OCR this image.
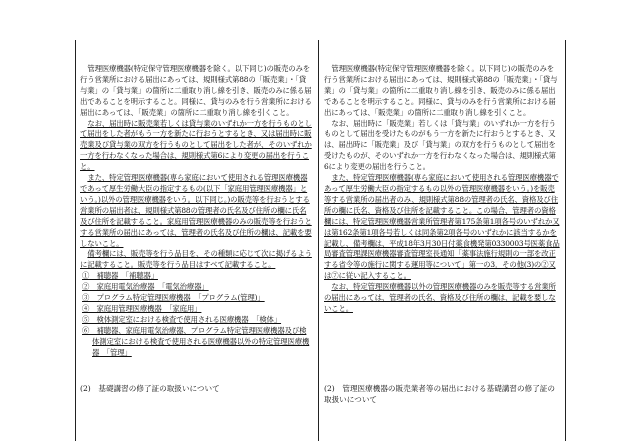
管理医療機器(特定保守管理医療機器を除く。以下同じ)の販売のみを行う営業所における届出にあっては、規則様式第88の「販売業」・「貸与業」の「貸与業」の箇所に二重取り消し線を引き、販売のみに係る届出であることを明示すること。同様に、貸与のみを行う営業所における届出にあっては、「販売業」の箇所に二重取り消し線を引くこと。

なお、届出時に販売業若しくは貸与業のいずれか一方を行うものとして届出をした者がもう一方を新たに行おうとするとき、又は届出時に販売業及び貸与業の双方を行うものとして届出をした者が、そのいずれか一方を行わなくなった場合は、規則様式第6により変更の届出を行うこと。

また、特定管理医療機器(専ら家庭において使用される管理医療機器であって厚生労働大臣の指定するもの(以下「家庭用管理医療機器」という。)以外の管理医療機器をいう。以下同じ。)の販売等を行おうとする営業所の届出者は、規則様式第88の管理者の氏名及び住所の欄に氏名及び住所を記載すること。家庭用管理医療機器のみの販売等を行おうとする営業所の届出にあっては、管理者の氏名及び住所の欄は、記載を要しないこと。

備考欄には、販売等を行う品目を、その種類に応じて次に掲げるように記載すること。販売等を行う品目はすべて記載すること。

①　補聴器　「補聴器」
②　家庭用電気治療器　「電気治療器」
③　プログラム特定管理医療機器　「プログラム(管理)」
④　家庭用管理医療機器　「家庭用」
⑤　検体測定室における検査で使用される医療機器　「検体」
⑥　補聴器、家庭用電気治療器、プログラム特定管理医療機器及び検体測定室における検査で使用される医療機器以外の特定管理医療機器　「管理」
(2)　基礎講習の修了証の取扱いについて

管理医療機器(特定保守管理医療機器を除く。以下同じ)の販売のみを行う営業所における届出にあっては、規則様式第88の「販売業」・「貸与業」の「貸与業」の箇所に二重取り消し線を引き、販売のみに係る届出であることを明示すること。同様に、貸与のみを行う営業所における届出にあっては、「販売業」の箇所に二重取り消し線を引くこと。

なお、届出時に「販売業」若しくは「貸与業」のいずれか一方を行うものとして届出を受けたものがもう一方を新たに行おうとするとき、又は、届出時に「販売業」及び「貸与業」の双方を行うものとして届出を受けたものが、そのいずれか一方を行わなくなった場合は、規則様式第6により変更の届出を行うこと。

また、特定管理医療機器(専ら家庭において使用される管理医療機器であって厚生労働大臣の指定するもの以外の管理医療機器をいう。)を販売等する営業所の届出者のみ、規則様式第88の管理者の氏名、資格及び住所の欄に氏名、資格及び住所を記載すること。この場合、管理者の資格欄には、特定管理医療機器営業所管理者第175条第1項各号のいずれか又は第162条第1項各号若しくは同条第2項各号のいずれかに該当するかを記載し、備考欄は、平成18年3月30日付薬食機発第0330003号医薬食品局審査管理課医療機器審査管理室長通知「薬事法施行規則の一部を改正する省令等の施行に関する運用等について」第一の3．その他(3)の②又は⑦に従い記入すること。

なお、特定管理医療機器以外の管理医療機器のみを販売等する営業所の届出にあっては、管理者の氏名、資格及び住所の欄は、記載を要しないこと。

(2)　管理医療機器の販売業者等の届出における基礎講習の修了証の取扱いについて
